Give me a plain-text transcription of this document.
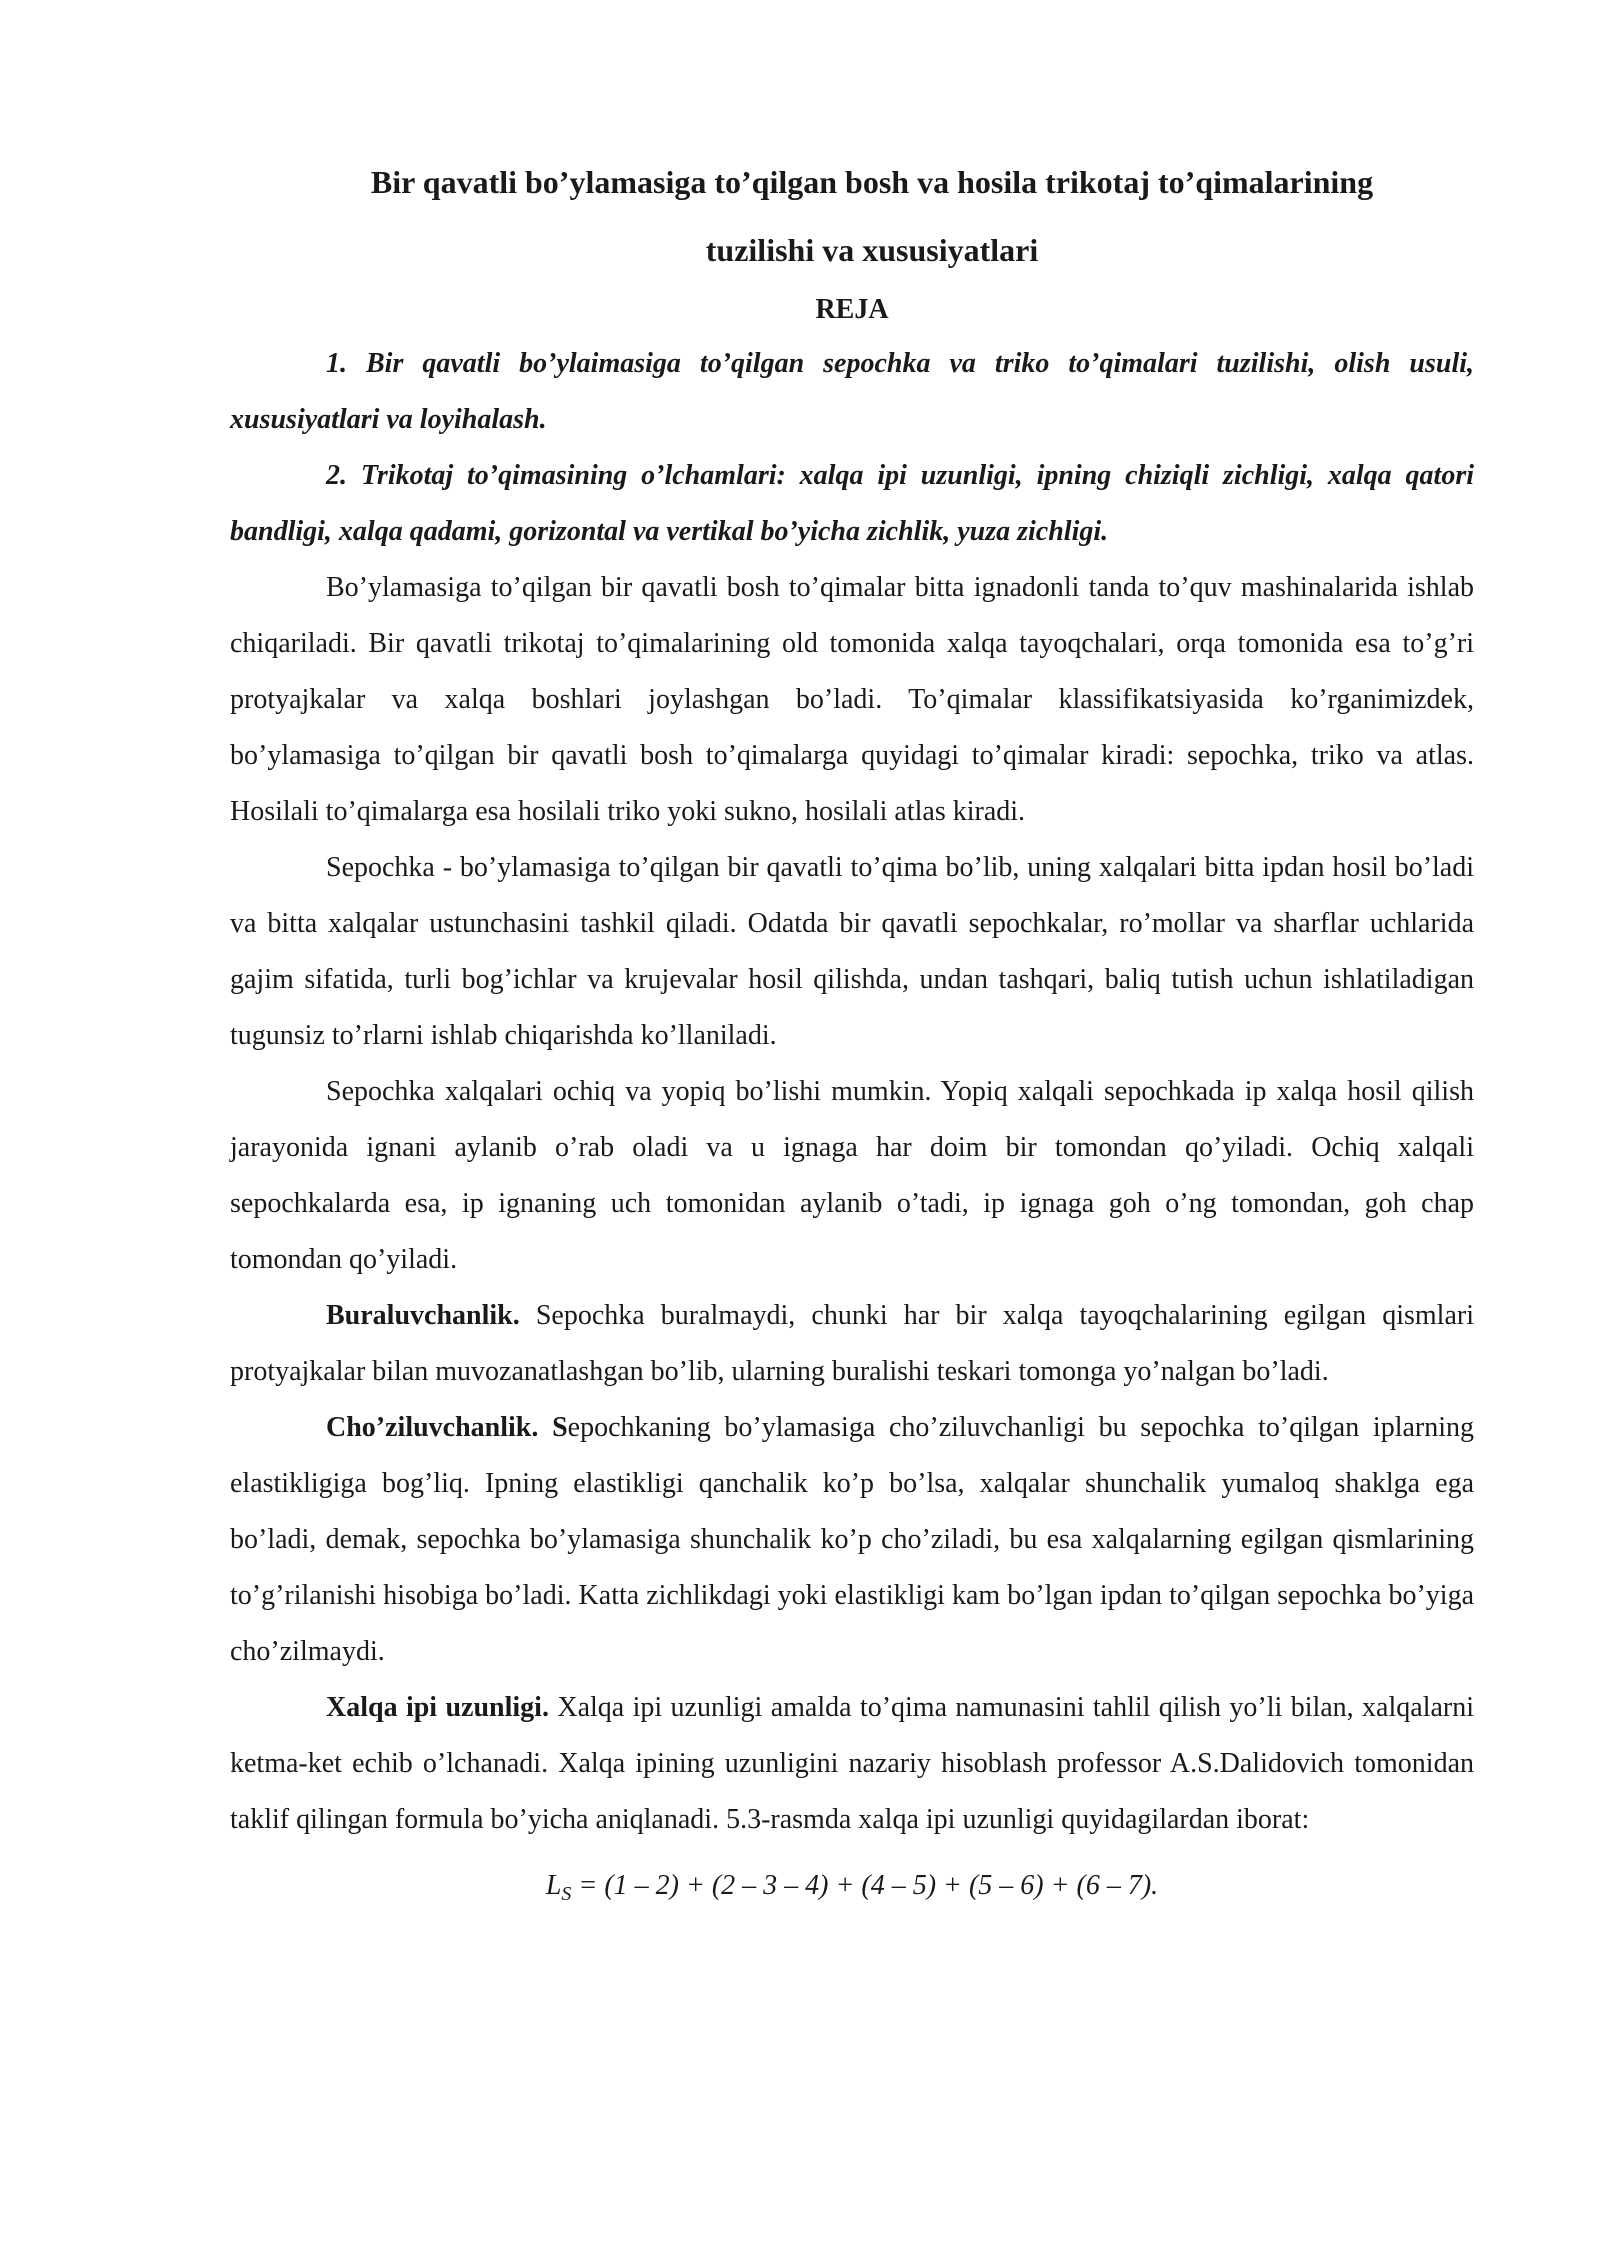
Bir qavatli bo’ylamasiga to’qilgan bosh va hosila trikotaj to’qimalarining
tuzilishi va xususiyatlari

REJA

1. Bir qavatli bo’ylaimasiga to’qilgan sepochka va triko to’qimalari tuzilishi, olish usuli, xususiyatlari va loyihalash.

2. Trikotaj to’qimasining o’lchamlari: xalqa ipi uzunligi, ipning chiziqli zichligi, xalqa qatori bandligi, xalqa qadami, gorizontal va vertikal bo’yicha zichlik, yuza zichligi.

Bo’ylamasiga to’qilgan bir qavatli bosh to’qimalar bitta ignadonli tanda to’quv mashinalarida ishlab chiqariladi. Bir qavatli trikotaj to’qimalarining old tomonida xalqa tayoqchalari, orqa tomonida esa to’g’ri protyajkalar va xalqa boshlari joylashgan bo’ladi. To’qimalar klassifikatsiyasida ko’rganimizdek, bo’ylamasiga to’qilgan bir qavatli bosh to’qimalarga quyidagi to’qimalar kiradi: sepochka, triko va atlas. Hosilali to’qimalarga esa hosilali triko yoki sukno, hosilali atlas kiradi.

Sepochka - bo’ylamasiga to’qilgan bir qavatli to’qima bo’lib, uning xalqalari bitta ipdan hosil bo’ladi va bitta xalqalar ustunchasini tashkil qiladi. Odatda bir qavatli sepochkalar, ro’mollar va sharflar uchlarida gajim sifatida, turli bog’ichlar va krujevalar hosil qilishda, undan tashqari, baliq tutish uchun ishlatiladigan tugunsiz to’rlarni ishlab chiqarishda ko’llaniladi.

Sepochka xalqalari ochiq va yopiq bo’lishi mumkin. Yopiq xalqali sepochkada ip xalqa hosil qilish jarayonida ignani aylanib o’rab oladi va u ignaga har doim bir tomondan qo’yiladi. Ochiq xalqali sepochkalarda esa, ip ignaning uch tomonidan aylanib o’tadi, ip ignaga goh o’ng tomondan, goh chap tomondan qo’yiladi.

Buraluvchanlik. Sepochka buralmaydi, chunki har bir xalqa tayoqchalarining egilgan qismlari protyajkalar bilan muvozanatlashgan bo’lib, ularning buralishi teskari tomonga yo’nalgan bo’ladi.

Cho’ziluvchanlik. Sepochkaning bo’ylamasiga cho’ziluvchanligi bu sepochka to’qilgan iplarning elastikligiga bog’liq. Ipning elastikligi qanchalik ko’p bo’lsa, xalqalar shunchalik yumaloq shaklga ega bo’ladi, demak, sepochka bo’ylamasiga shunchalik ko’p cho’ziladi, bu esa xalqalarning egilgan qismlarining to’g’rilanishi hisobiga bo’ladi. Katta zichlikdagi yoki elastikligi kam bo’lgan ipdan to’qilgan sepochka bo’yiga cho’zilmaydi.

Xalqa ipi uzunligi. Xalqa ipi uzunligi amalda to’qima namunasini tahlil qilish yo’li bilan, xalqalarni ketma-ket echib o’lchanadi. Xalqa ipining uzunligini nazariy hisoblash professor A.S.Dalidovich tomonidan taklif qilingan formula bo’yicha aniqlanadi. 5.3-rasmda xalqa ipi uzunligi quyidagilardan iborat:

$L_S = (1 - 2) + (2 - 3 - 4) + (4 - 5) + (5 - 6) + (6 - 7)$.
